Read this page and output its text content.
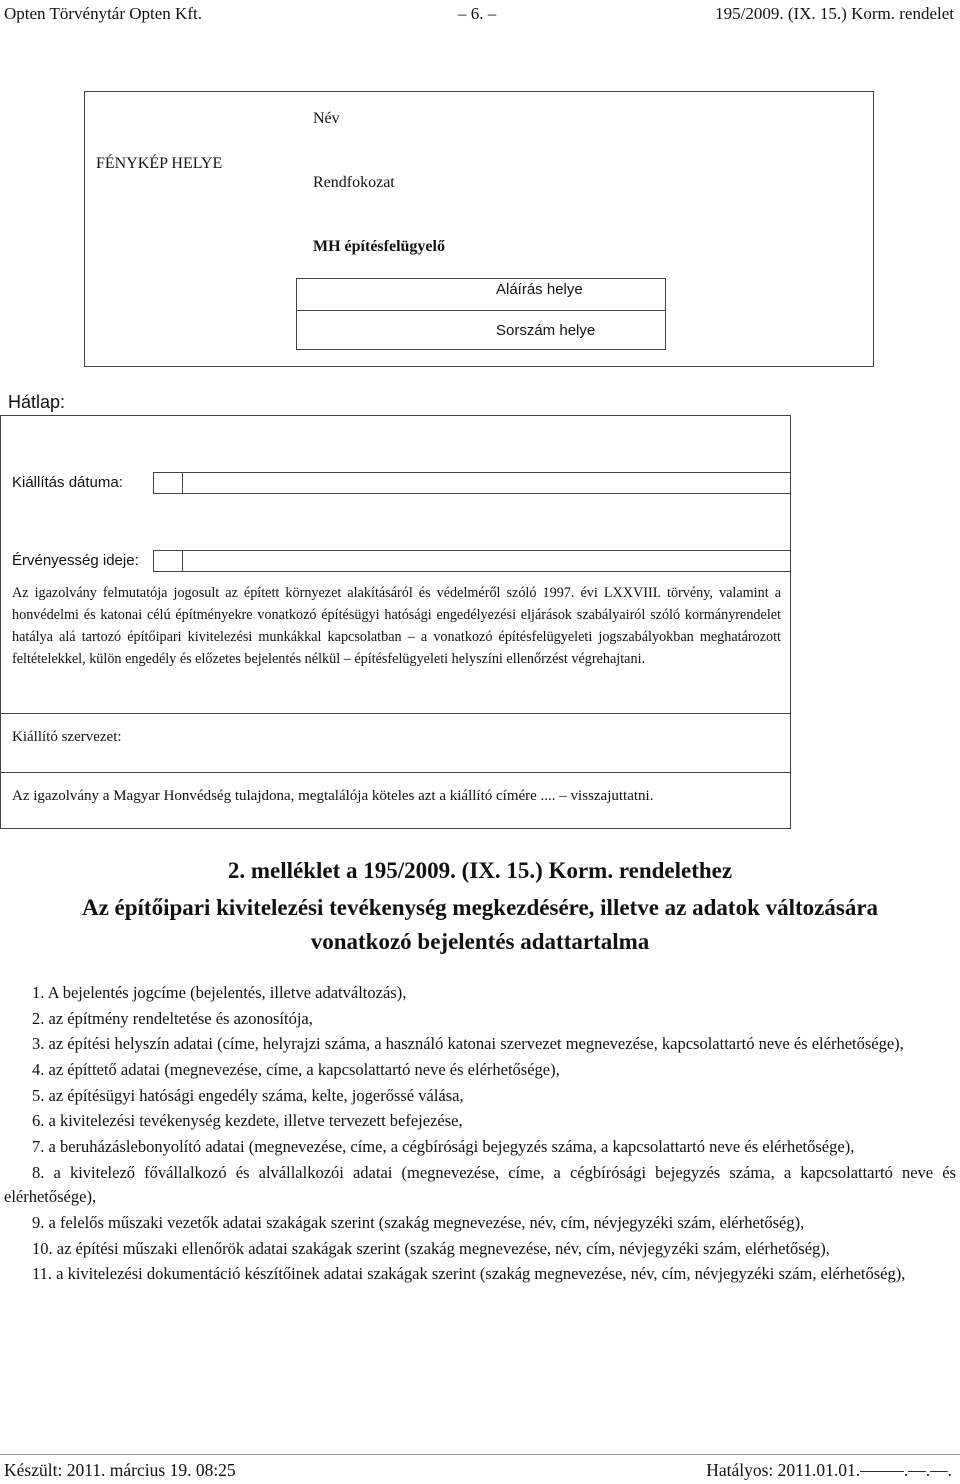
Opten Törvénytár Opten Kft.	– 6. –	195/2009. (IX. 15.) Korm. rendelet
FÉNYKÉP HELYE
Név
Rendfokozat
MH építésfelügyelő
Aláírás helye
Sorszám helye
Hátlap:
Kiállítás dátuma:
Érvényesség ideje:
Az igazolvány felmutatója jogosult az épített környezet alakításáról és védelméről szóló 1997. évi LXXVIII. törvény, valamint a honvédelmi és katonai célú építményekre vonatkozó építésügyi hatósági engedélyezési eljárások szabályairól szóló kormányrendelet hatálya alá tartozó építőipari kivitelezési munkákkal kapcsolatban – a vonatkozó építésfelügyeleti jogszabályokban meghatározott feltételekkel, külön engedély és előzetes bejelentés nélkül – építésfelügyeleti helyszíni ellenőrzést végrehajtani.
Kiállító szervezet:
Az igazolvány a Magyar Honvédség tulajdona, megtalálója köteles azt a kiállító címére .... – visszajuttatni.
2. melléklet a 195/2009. (IX. 15.) Korm. rendelethez
Az építőipari kivitelezési tevékenység megkezdésére, illetve az adatok változására
vonatkozó bejelentés adattartalma

1. A bejelentés jogcíme (bejelentés, illetve adatváltozás),

2. az építmény rendeltetése és azonosítója,

3. az építési helyszín adatai (címe, helyrajzi száma, a használó katonai szervezet megnevezése, kapcsolattartó neve és elérhetősége),

4. az építtető adatai (megnevezése, címe, a kapcsolattartó neve és elérhetősége),

5. az építésügyi hatósági engedély száma, kelte, jogerőssé válása,

6. a kivitelezési tevékenység kezdete, illetve tervezett befejezése,

7. a beruházáslebonyolító adatai (megnevezése, címe, a cégbírósági bejegyzés száma, a kapcsolattartó neve és elérhetősége),

8. a kivitelező fővállalkozó és alvállalkozói adatai (megnevezése, címe, a cégbírósági bejegyzés száma, a kapcsolattartó neve és elérhetősége),

9. a felelős műszaki vezetők adatai szakágak szerint (szakág megnevezése, név, cím, névjegyzéki szám, elérhetőség),

10. az építési műszaki ellenőrök adatai szakágak szerint (szakág megnevezése, név, cím, névjegyzéki szám, elérhetőség),

11. a kivitelezési dokumentáció készítőinek adatai szakágak szerint (szakág megnevezése, név, cím, névjegyzéki szám, elérhetőség),

Készült: 2011. március 19. 08:25	Hatályos: 2011.01.01.–––––.––.––.
